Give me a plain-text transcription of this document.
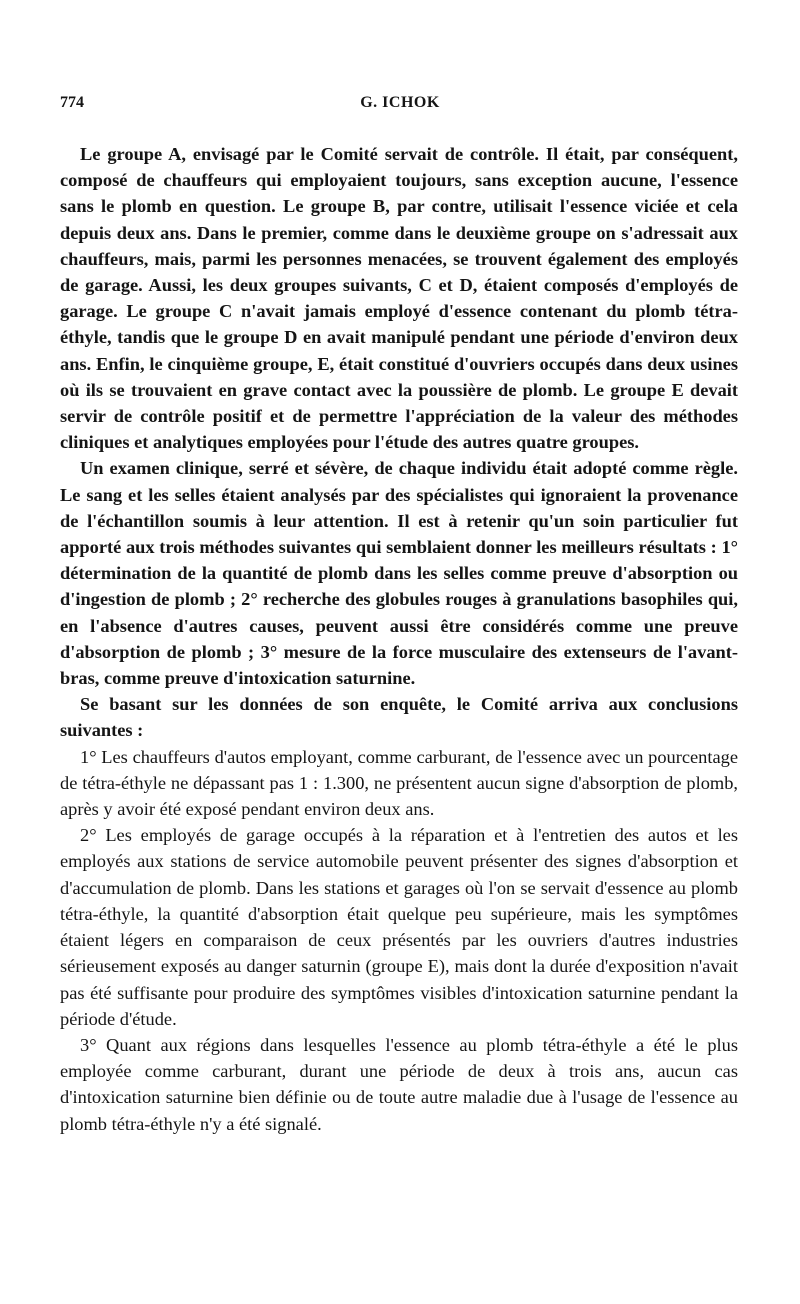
774	G. ICHOK

Le groupe A, envisagé par le Comité servait de contrôle. Il était, par conséquent, composé de chauffeurs qui employaient toujours, sans exception aucune, l'essence sans le plomb en question. Le groupe B, par contre, utilisait l'essence viciée et cela depuis deux ans. Dans le premier, comme dans le deuxième groupe on s'adressait aux chauffeurs, mais, parmi les personnes menacées, se trouvent également des employés de garage. Aussi, les deux groupes suivants, C et D, étaient composés d'employés de garage. Le groupe C n'avait jamais employé d'essence contenant du plomb tétra-éthyle, tandis que le groupe D en avait manipulé pendant une période d'environ deux ans. Enfin, le cinquième groupe, E, était constitué d'ouvriers occupés dans deux usines où ils se trouvaient en grave contact avec la poussière de plomb. Le groupe E devait servir de contrôle positif et de permettre l'appréciation de la valeur des méthodes cliniques et analytiques employées pour l'étude des autres quatre groupes.

Un examen clinique, serré et sévère, de chaque individu était adopté comme règle. Le sang et les selles étaient analysés par des spécialistes qui ignoraient la provenance de l'échantillon soumis à leur attention. Il est à retenir qu'un soin particulier fut apporté aux trois méthodes suivantes qui semblaient donner les meilleurs résultats : 1° détermination de la quantité de plomb dans les selles comme preuve d'absorption ou d'ingestion de plomb ; 2° recherche des globules rouges à granulations basophiles qui, en l'absence d'autres causes, peuvent aussi être considérés comme une preuve d'absorption de plomb ; 3° mesure de la force musculaire des extenseurs de l'avant-bras, comme preuve d'intoxication saturnine.

Se basant sur les données de son enquête, le Comité arriva aux conclusions suivantes :

1° Les chauffeurs d'autos employant, comme carburant, de l'essence avec un pourcentage de tétra-éthyle ne dépassant pas 1 : 1.300, ne présentent aucun signe d'absorption de plomb, après y avoir été exposé pendant environ deux ans.

2° Les employés de garage occupés à la réparation et à l'entretien des autos et les employés aux stations de service automobile peuvent présenter des signes d'absorption et d'accumulation de plomb. Dans les stations et garages où l'on se servait d'essence au plomb tétra-éthyle, la quantité d'absorption était quelque peu supérieure, mais les symptômes étaient légers en comparaison de ceux présentés par les ouvriers d'autres industries sérieusement exposés au danger saturnin (groupe E), mais dont la durée d'exposition n'avait pas été suffisante pour produire des symptômes visibles d'intoxication saturnine pendant la période d'étude.

3° Quant aux régions dans lesquelles l'essence au plomb tétra-éthyle a été le plus employée comme carburant, durant une période de deux à trois ans, aucun cas d'intoxication saturnine bien définie ou de toute autre maladie due à l'usage de l'essence au plomb tétra-éthyle n'y a été signalé.
